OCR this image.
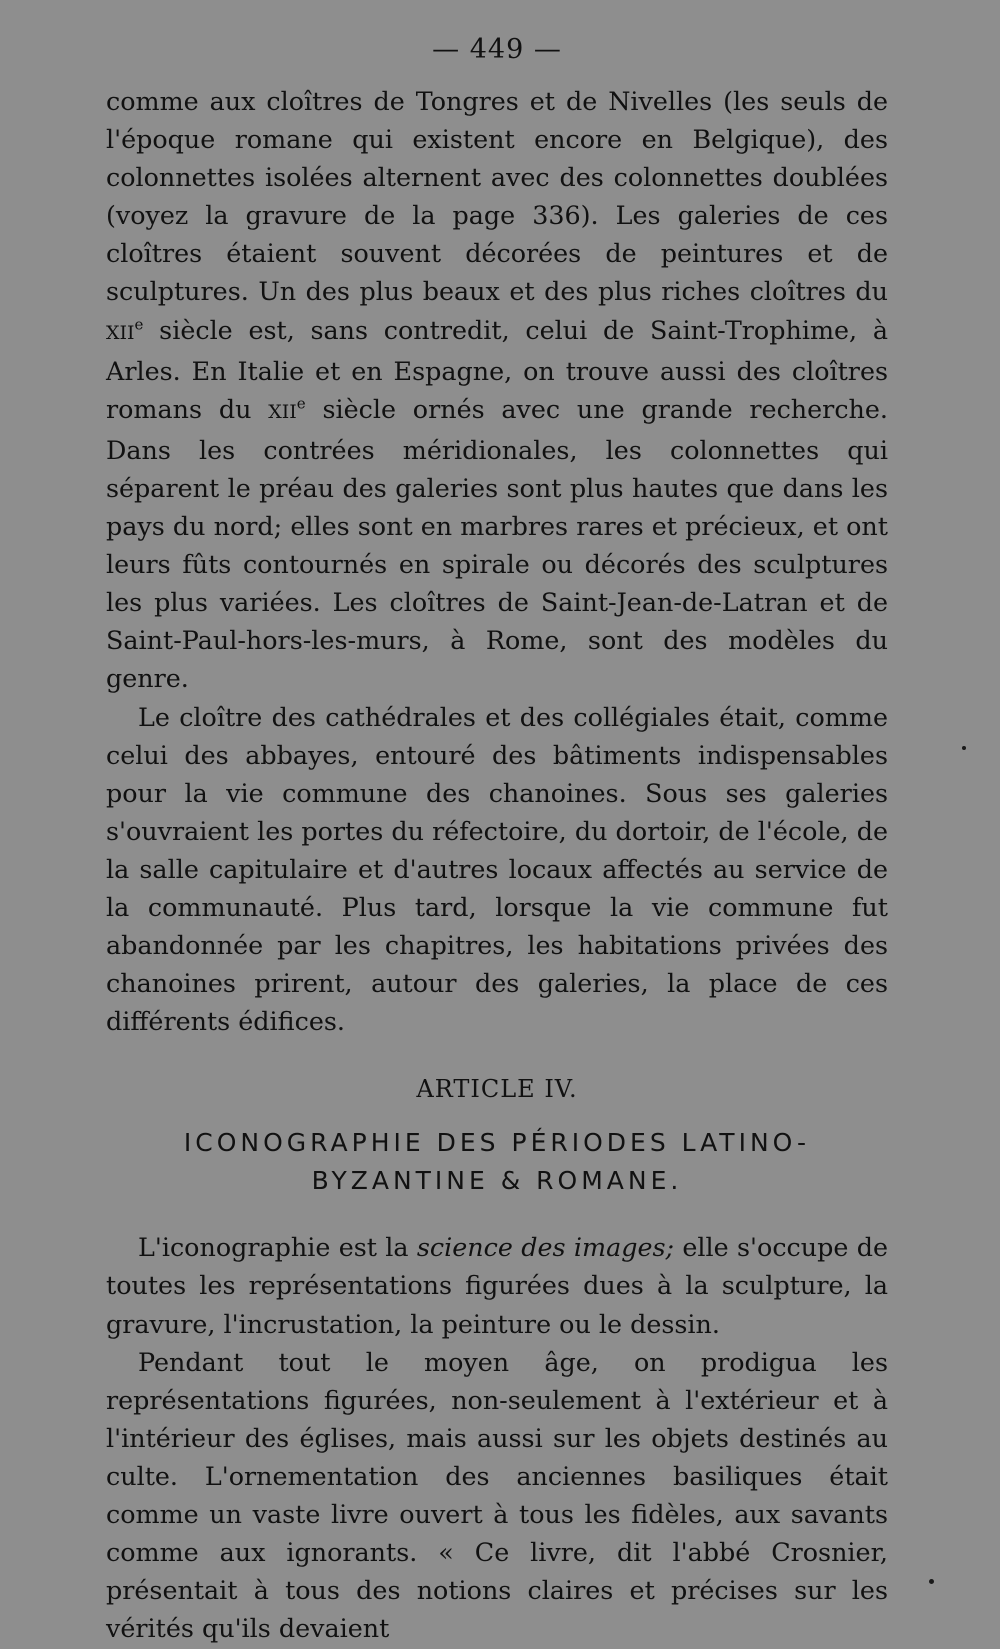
— 449 —

comme aux cloîtres de Tongres et de Nivelles (les seuls de l'époque romane qui existent encore en Belgique), des colonnettes isolées alternent avec des colonnettes doublées (voyez la gravure de la page 336). Les galeries de ces cloîtres étaient souvent décorées de peintures et de sculptures. Un des plus beaux et des plus riches cloîtres du XIIe siècle est, sans contredit, celui de Saint-Trophime, à Arles. En Italie et en Espagne, on trouve aussi des cloîtres romans du XIIe siècle ornés avec une grande recherche. Dans les contrées méridionales, les colonnettes qui séparent le préau des galeries sont plus hautes que dans les pays du nord; elles sont en marbres rares et précieux, et ont leurs fûts contournés en spirale ou décorés des sculptures les plus variées. Les cloîtres de Saint-Jean-de-Latran et de Saint-Paul-hors-les-murs, à Rome, sont des modèles du genre.

Le cloître des cathédrales et des collégiales était, comme celui des abbayes, entouré des bâtiments indispensables pour la vie commune des chanoines. Sous ses galeries s'ouvraient les portes du réfectoire, du dortoir, de l'école, de la salle capitulaire et d'autres locaux affectés au service de la communauté. Plus tard, lorsque la vie commune fut abandonnée par les chapitres, les habitations privées des chanoines prirent, autour des galeries, la place de ces différents édifices.

ARTICLE IV.
ICONOGRAPHIE DES PÉRIODES LATINO-
BYZANTINE & ROMANE.

L'iconographie est la science des images; elle s'occupe de toutes les représentations figurées dues à la sculpture, la gravure, l'incrustation, la peinture ou le dessin.

Pendant tout le moyen âge, on prodigua les représentations figurées, non-seulement à l'extérieur et à l'intérieur des églises, mais aussi sur les objets destinés au culte. L'ornementation des anciennes basiliques était comme un vaste livre ouvert à tous les fidèles, aux savants comme aux ignorants. « Ce livre, dit l'abbé Crosnier, présentait à tous des notions claires et précises sur les vérités qu'ils devaient
